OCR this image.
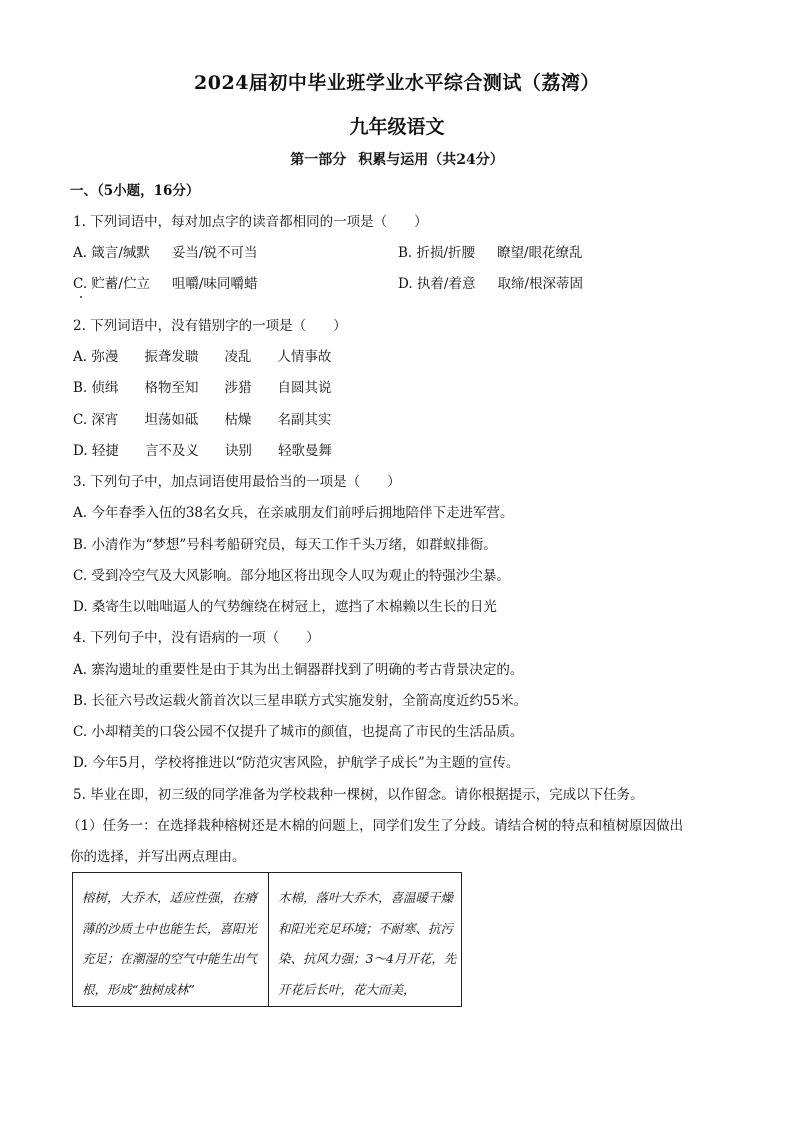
2024届初中毕业班学业水平综合测试（荔湾）
九年级语文
第一部分 积累与运用（共24分）
一、（5小题，16分）
1. 下列词语中，每对加点字的读音都相同的一项是（　　）
A. 箴言/缄默 妥当/锐不可当	B. 折损/折腰 瞭望/眼花缭乱
C. 贮蓄/伫立 咀嚼/味同嚼蜡	D. 执着/着意 取缔/根深蒂固
2. 下列词语中，没有错别字的一项是（　　）
A. 弥漫 振聋发聩 凌乱 人情事故
B. 侦缉 格物至知 涉猎 自圆其说
C. 深宵 坦荡如砥 枯燥 名副其实
D. 轻捷 言不及义 诀别 轻歌曼舞
3. 下列句子中，加点词语使用最恰当的一项是（　　）
A. 今年春季入伍的38名女兵，在亲戚朋友们前呼后拥地陪伴下走进军营。
B. 小清作为“梦想”号科考船研究员，每天工作千头万绪，如群蚁排衙。
C. 受到冷空气及大风影响。部分地区将出现令人叹为观止的特强沙尘暴。
D. 桑寄生以咄咄逼人的气势缠绕在树冠上，遮挡了木棉赖以生长的日光
4. 下列句子中，没有语病的一项（　　）
A. 寨沟遗址的重要性是由于其为出土铜器群找到了明确的考古背景决定的。
B. 长征六号改运载火箭首次以三星串联方式实施发射，全箭高度近约55米。
C. 小却精美的口袋公园不仅提升了城市的颜值，也提高了市民的生活品质。
D. 今年5月，学校将推进以“防范灾害风险，护航学子成长”为主题的宣传。
5. 毕业在即，初三级的同学准备为学校栽种一棵树，以作留念。请你根据提示，完成以下任务。
（1）任务一：在选择栽种榕树还是木棉的问题上，同学们发生了分歧。请结合树的特点和植树原因做出
你的选择，并写出两点理由。
榕树，大乔木，适应性强，在瘠薄的沙质土中也能生长，喜阳光充足；在潮湿的空气中能生出气根，形成“独树成林”
木棉，落叶大乔木，喜温暖干燥和阳光充足环境；不耐寒、抗污染、抗风力强；3～4月开花，先开花后长叶，花大而美，
